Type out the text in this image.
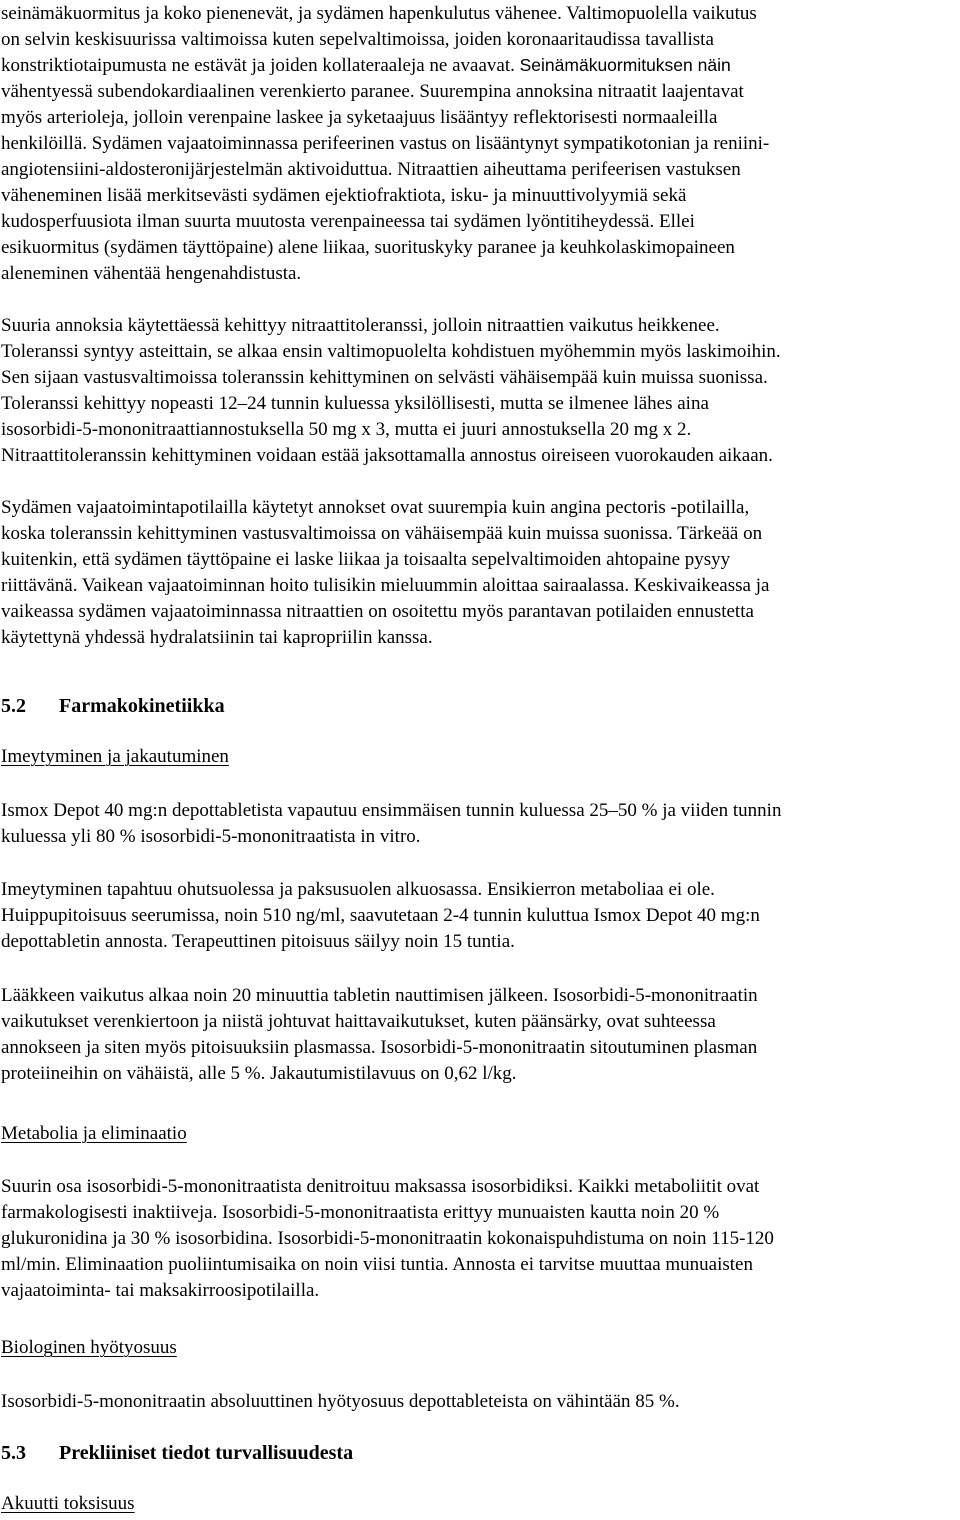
seinämäkuormitus ja koko pienenevät, ja sydämen hapenkulutus vähenee. Valtimopuolella vaikutus
on selvin keskisuurissa valtimoissa kuten sepelvaltimoissa, joiden koronaaritaudissa tavallista
konstriktiotaipumusta ne estävät ja joiden kollateraaleja ne avaavat. Seinämäkuormituksen näin
vähentyessä subendokardiaalinen verenkierto paranee. Suurempina annoksina nitraatit laajentavat
myös arterioleja, jolloin verenpaine laskee ja syketaajuus lisääntyy reflektorisesti normaaleilla
henkilöillä. Sydämen vajaatoiminnassa perifeerinen vastus on lisääntynyt sympatikotonian ja reniini-
angiotensiini-aldosteronijärjestelmän aktivoiduttua. Nitraattien aiheuttama perifeerisen vastuksen
väheneminen lisää merkitsevästi sydämen ejektiofraktiota, isku- ja minuuttivolyymiä sekä
kudosperfuusiota ilman suurta muutosta verenpaineessa tai sydämen lyöntitiheydessä. Ellei
esikuormitus (sydämen täyttöpaine) alene liikaa, suorituskyky paranee ja keuhkolaskimopaineen
aleneminen vähentää hengenahdistusta.
Suuria annoksia käytettäessä kehittyy nitraattitoleranssi, jolloin nitraattien vaikutus heikkenee.
Toleranssi syntyy asteittain, se alkaa ensin valtimopuolelta kohdistuen myöhemmin myös laskimoihin.
Sen sijaan vastusvaltimoissa toleranssin kehittyminen on selvästi vähäisempää kuin muissa suonissa.
Toleranssi kehittyy nopeasti 12–24 tunnin kuluessa yksilöllisesti, mutta se ilmenee lähes aina
isosorbidi-5-mononitraattiannostuksella 50 mg x 3, mutta ei juuri annostuksella 20 mg x 2.
Nitraattitoleranssin kehittyminen voidaan estää jaksottamalla annostus oireiseen vuorokauden aikaan.
Sydämen vajaatoimintapotilailla käytetyt annokset ovat suurempia kuin angina pectoris -potilailla,
koska toleranssin kehittyminen vastusvaltimoissa on vähäisempää kuin muissa suonissa. Tärkeää on
kuitenkin, että sydämen täyttöpaine ei laske liikaa ja toisaalta sepelvaltimoiden ahtopaine pysyy
riittävänä. Vaikean vajaatoiminnan hoito tulisikin mieluummin aloittaa sairaalassa. Keskivaikeassa ja
vaikeassa sydämen vajaatoiminnassa nitraattien on osoitettu myös parantavan potilaiden ennustetta
käytettynä yhdessä hydralatsiinin tai kapropriilin kanssa.
5.2 Farmakokinetiikka
Imeytyminen ja jakautuminen
Ismox Depot 40 mg:n depottabletista vapautuu ensimmäisen tunnin kuluessa 25–50 % ja viiden tunnin
kuluessa yli 80 % isosorbidi-5-mononitraatista in vitro.
Imeytyminen tapahtuu ohutsuolessa ja paksusuolen alkuosassa. Ensikierron metaboliaa ei ole.
Huippupitoisuus seerumissa, noin 510 ng/ml, saavutetaan 2-4 tunnin kuluttua Ismox Depot 40 mg:n
depottabletin annosta. Terapeuttinen pitoisuus säilyy noin 15 tuntia.
Lääkkeen vaikutus alkaa noin 20 minuuttia tabletin nauttimisen jälkeen. Isosorbidi-5-mononitraatin
vaikutukset verenkiertoon ja niistä johtuvat haittavaikutukset, kuten päänsärky, ovat suhteessa
annokseen ja siten myös pitoisuuksiin plasmassa. Isosorbidi-5-mononitraatin sitoutuminen plasman
proteiineihin on vähäistä, alle 5 %. Jakautumistilavuus on 0,62 l/kg.
Metabolia ja eliminaatio
Suurin osa isosorbidi-5-mononitraatista denitroituu maksassa isosorbidiksi. Kaikki metaboliitit ovat
farmakologisesti inaktiiveja. Isosorbidi-5-mononitraatista erittyy munuaisten kautta noin 20 %
glukuronidina ja 30 % isosorbidina. Isosorbidi-5-mononitraatin kokonaispuhdistuma on noin 115-120
ml/min. Eliminaation puoliintumisaika on noin viisi tuntia. Annosta ei tarvitse muuttaa munuaisten
vajaatoiminta- tai maksakirroosipotilailla.
Biologinen hyötyosuus
Isosorbidi-5-mononitraatin absoluuttinen hyötyosuus depottableteista on vähintään 85 %.
5.3 Prekliiniset tiedot turvallisuudesta
Akuutti toksisuus
